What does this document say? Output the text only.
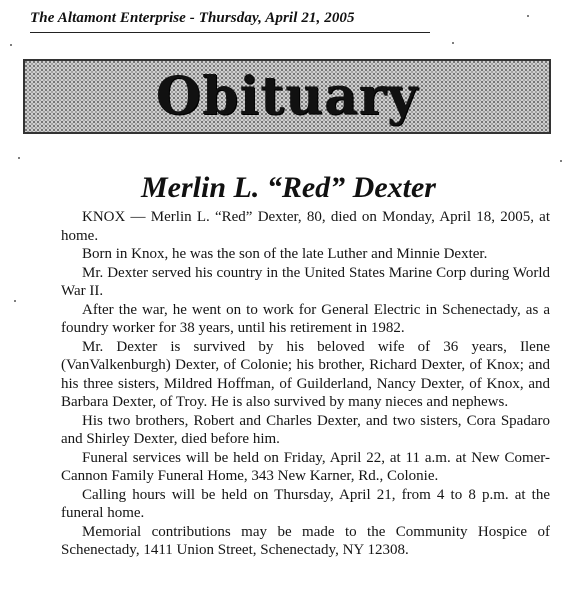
The Altamont Enterprise - Thursday, April 21, 2005
Obituary
Merlin L. “Red” Dexter

KNOX — Merlin L. “Red” Dexter, 80, died on Monday, April 18, 2005, at home.

Born in Knox, he was the son of the late Luther and Minnie Dexter.

Mr. Dexter served his country in the United States Marine Corp during World War II.

After the war, he went on to work for General Electric in Schenectady, as a foundry worker for 38 years, until his retirement in 1982.

Mr. Dexter is survived by his beloved wife of 36 years, Ilene (VanValkenburgh) Dexter, of Colonie; his brother, Richard Dexter, of Knox; and his three sisters, Mildred Hoffman, of Guilderland, Nancy Dexter, of Knox, and Barbara Dexter, of Troy. He is also survived by many nieces and nephews.

His two brothers, Robert and Charles Dexter, and two sisters, Cora Spadaro and Shirley Dexter, died before him.

Funeral services will be held on Friday, April 22, at 11 a.m. at New Comer-Cannon Family Funeral Home, 343 New Karner, Rd., Colonie.

Calling hours will be held on Thursday, April 21, from 4 to 8 p.m. at the funeral home.

Memorial contributions may be made to the Community Hospice of Schenectady, 1411 Union Street, Schenectady, NY 12308.
